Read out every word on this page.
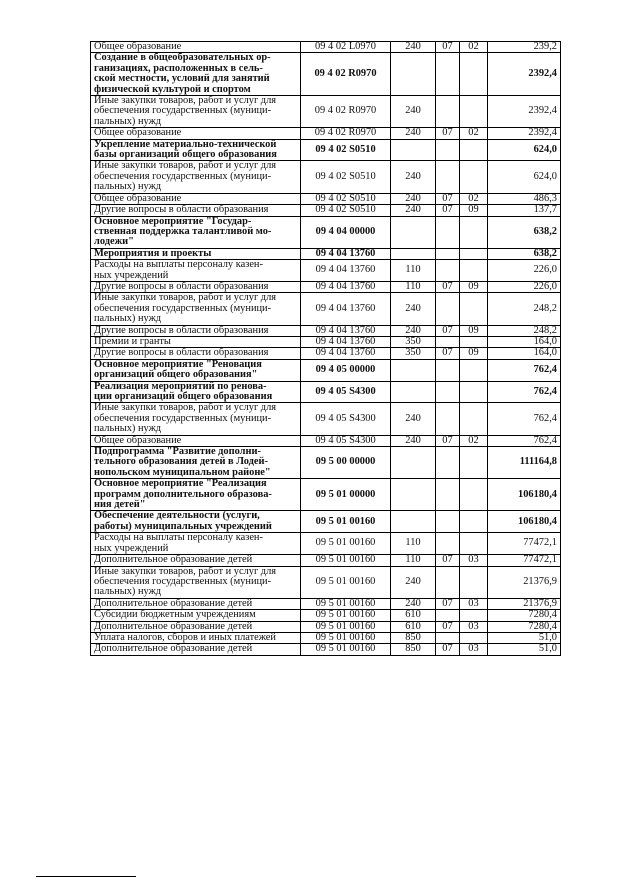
Общее образование	09 4 02 L0970	240	07	02	239,2
Создание в общеобразовательных ор-
ганизациях, расположенных в сель-
ской местности, условий для занятий
физической культурой и спортом	09 4 02 R0970				2392,4
Иные закупки товаров, работ и услуг для
обеспечения государственных (муници-
пальных) нужд	09 4 02 R0970	240			2392,4
Общее образование	09 4 02 R0970	240	07	02	2392,4
Укрепление материально-технической
базы организаций общего образования	09 4 02 S0510				624,0
Иные закупки товаров, работ и услуг для
обеспечения государственных (муници-
пальных) нужд	09 4 02 S0510	240			624,0
Общее образование	09 4 02 S0510	240	07	02	486,3
Другие вопросы в области образования	09 4 02 S0510	240	07	09	137,7
Основное мероприятие "Государ-
ственная поддержка талантливой мо-
лодежи"	09 4 04 00000				638,2
Мероприятия и проекты	09 4 04 13760				638,2
Расходы на выплаты персоналу казен-
ных учреждений	09 4 04 13760	110			226,0
Другие вопросы в области образования	09 4 04 13760	110	07	09	226,0
Иные закупки товаров, работ и услуг для
обеспечения государственных (муници-
пальных) нужд	09 4 04 13760	240			248,2
Другие вопросы в области образования	09 4 04 13760	240	07	09	248,2
Премии и гранты	09 4 04 13760	350			164,0
Другие вопросы в области образования	09 4 04 13760	350	07	09	164,0
Основное мероприятие "Реновация
организаций общего образования"	09 4 05 00000				762,4
Реализация мероприятий по ренова-
ции организаций общего образования	09 4 05 S4300				762,4
Иные закупки товаров, работ и услуг для
обеспечения государственных (муници-
пальных) нужд	09 4 05 S4300	240			762,4
Общее образование	09 4 05 S4300	240	07	02	762,4
Подпрограмма "Развитие дополни-
тельного образования детей в Лодей-
нопольском муниципальном районе"	09 5 00 00000				111164,8
Основное мероприятие "Реализация
программ дополнительного образова-
ния детей"	09 5 01 00000				106180,4
Обеспечение деятельности (услуги,
работы) муниципальных учреждений	09 5 01 00160				106180,4
Расходы на выплаты персоналу казен-
ных учреждений	09 5 01 00160	110			77472,1
Дополнительное образование детей	09 5 01 00160	110	07	03	77472,1
Иные закупки товаров, работ и услуг для
обеспечения государственных (муници-
пальных) нужд	09 5 01 00160	240			21376,9
Дополнительное образование детей	09 5 01 00160	240	07	03	21376,9
Субсидии бюджетным учреждениям	09 5 01 00160	610			7280,4
Дополнительное образование детей	09 5 01 00160	610	07	03	7280,4
Уплата налогов, сборов и иных платежей	09 5 01 00160	850			51,0
Дополнительное образование детей	09 5 01 00160	850	07	03	51,0
